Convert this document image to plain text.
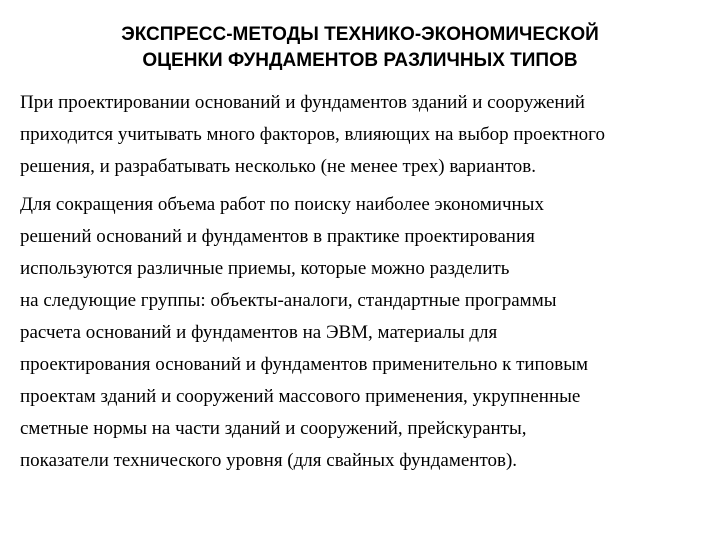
ЭКСПРЕСС-МЕТОДЫ ТЕХНИКО-ЭКОНОМИЧЕСКОЙ
ОЦЕНКИ ФУНДАМЕНТОВ РАЗЛИЧНЫХ ТИПОВ

При проектировании оснований и фундаментов зданий и сооружений

приходится учитывать много факторов, влияющих на выбор проектного

решения, и разрабатывать несколько (не менее трех) вариантов.

Для сокращения объема работ по поиску наиболее экономичных

решений оснований и фундаментов в практике проектирования

используются различные приемы, которые можно разделить

на следующие группы: объекты-аналоги, стандартные программы

расчета оснований и фундаментов на ЭВМ, материалы для

проектирования оснований и фундаментов применительно к типовым

проектам зданий и сооружений массового применения, укрупненные

сметные нормы на части зданий и сооружений, прейскуранты,

показатели технического уровня (для свайных фундаментов).
